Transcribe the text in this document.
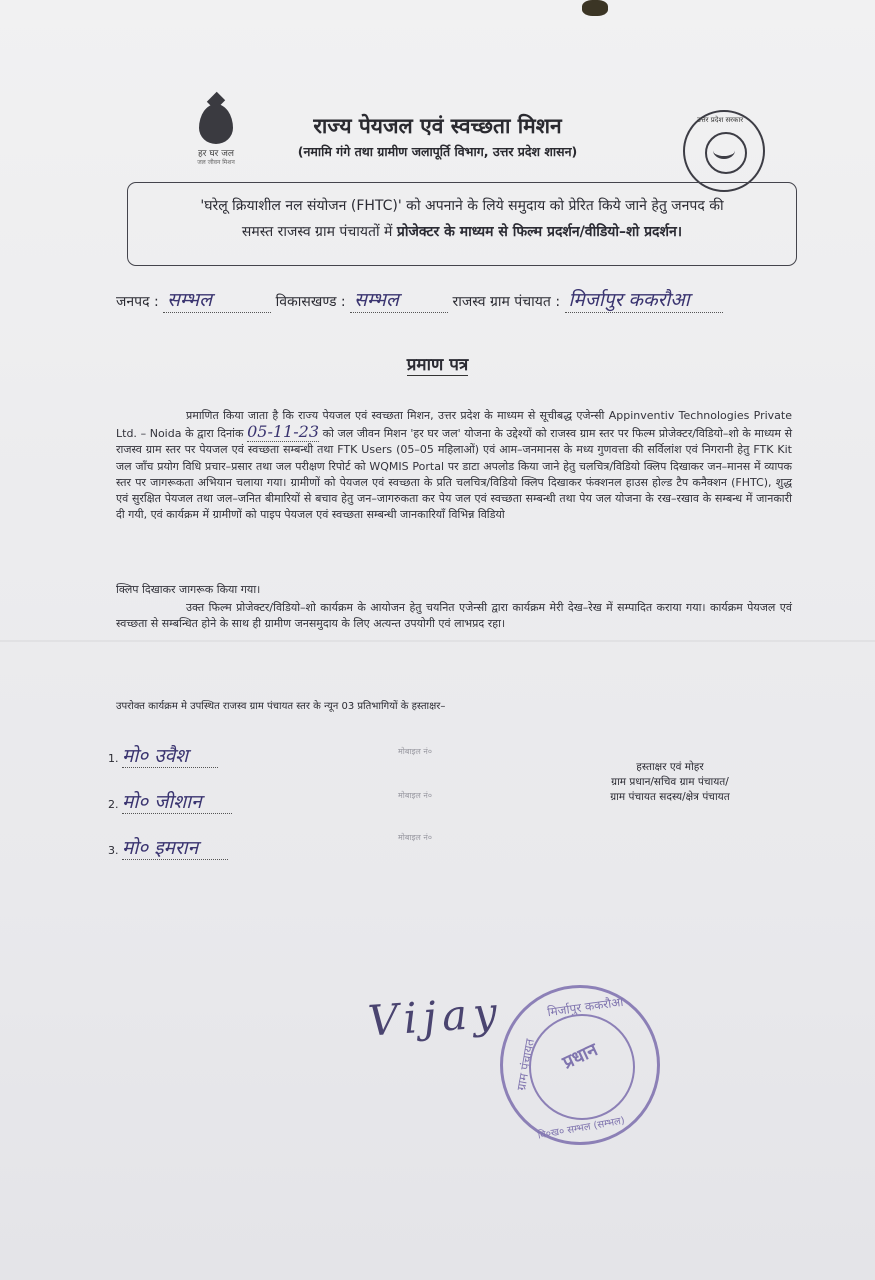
हर घर जल
जल जीवन मिशन
उत्तर प्रदेश सरकार
राज्य पेयजल एवं स्वच्छता मिशन
(नमामि गंगे तथा ग्रामीण जलापूर्ति विभाग, उत्तर प्रदेश शासन)
'घरेलू क्रियाशील नल संयोजन (FHTC)' को अपनाने के लिये समुदाय को प्रेरित किये जाने हेतु जनपद की
समस्त राजस्व ग्राम पंचायतों में प्रोजेक्टर के माध्यम से फिल्म प्रदर्शन/वीडियो–शो प्रदर्शन।
जनपद : सम्भल	विकासखण्ड : सम्भल	राजस्व ग्राम पंचायत : मिर्जापुर ककरौआ
प्रमाण पत्र
प्रमाणित किया जाता है कि राज्य पेयजल एवं स्वच्छता मिशन, उत्तर प्रदेश के माध्यम से सूचीबद्ध एजेन्सी Appinventiv Technologies Private Ltd. – Noida के द्वारा दिनांक 05-11-23 को जल जीवन मिशन 'हर घर जल' योजना के उद्देश्यों को राजस्व ग्राम स्तर पर फिल्म प्रोजेक्टर/विडियो–शो के माध्यम से राजस्व ग्राम स्तर पर पेयजल एवं स्वच्छता सम्बन्धी तथा FTK Users (05–05 महिलाओं) एवं आम–जनमानस के मध्य गुणवत्ता की सर्विलांश एवं निगरानी हेतु FTK Kit जल जाँच प्रयोग विधि प्रचार–प्रसार तथा जल परीक्षण रिपोर्ट को WQMIS Portal पर डाटा अपलोड किया जाने हेतु चलचित्र/विडियो क्लिप दिखाकर जन–मानस में व्यापक स्तर पर जागरूकता अभियान चलाया गया। ग्रामीणों को पेयजल एवं स्वच्छता के प्रति चलचित्र/विडियो क्लिप दिखाकर फंक्शनल हाउस होल्ड टैप कनैक्शन (FHTC), शुद्ध एवं सुरक्षित पेयजल तथा जल–जनित बीमारियों से बचाव हेतु जन–जागरुकता कर पेय जल एवं स्वच्छता सम्बन्धी तथा पेय जल योजना के रख–रखाव के सम्बन्ध में जानकारी दी गयी, एवं कार्यक्रम में ग्रामीणों को पाइप पेयजल एवं स्वच्छता सम्बन्धी जानकारियाँ विभिन्न विडियो
क्लिप दिखाकर जागरूक किया गया।
उक्त फिल्म प्रोजेक्टर/विडियो–शो कार्यक्रम के आयोजन हेतु चयनित एजेन्सी द्वारा कार्यक्रम मेरी देख–रेख में सम्पादित कराया गया। कार्यक्रम पेयजल एवं स्वच्छता से सम्बन्धित होने के साथ ही ग्रामीण जनसमुदाय के लिए अत्यन्त उपयोगी एवं लाभप्रद रहा।
उपरोक्त कार्यक्रम मे उपस्थित राजस्व ग्राम पंचायत स्तर के न्यून 03 प्रतिभागियों के हस्ताक्षर–
1. मो० उवैश
2. मो० जीशान
3. मो० इमरान
मोबाइल नं०
मोबाइल नं०
मोबाइल नं०
हस्ताक्षर एवं मोहर
ग्राम प्रधान/सचिव ग्राम पंचायत/
ग्राम पंचायत सदस्य/क्षेत्र पंचायत
Vijay	मिर्जापुर ककरौआ
ग्राम पंचायत
वि०ख० सम्भल (सम्भल)
प्रधान
